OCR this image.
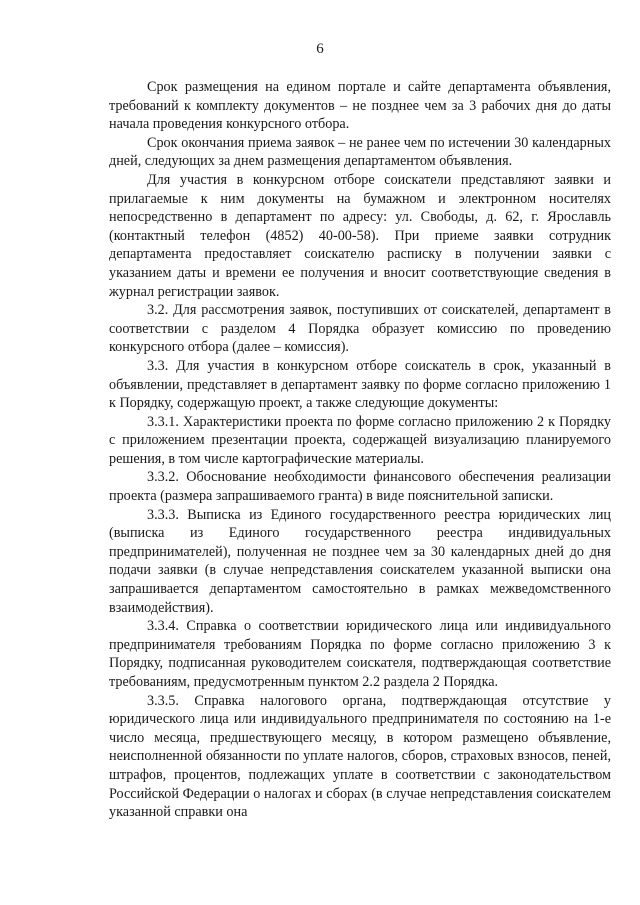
6

Срок размещения на едином портале и сайте департамента объявления, требований к комплекту документов – не позднее чем за 3 рабочих дня до даты начала проведения конкурсного отбора.

Срок окончания приема заявок – не ранее чем по истечении 30 календарных дней, следующих за днем размещения департаментом объявления.

Для участия в конкурсном отборе соискатели представляют заявки и прилагаемые к ним документы на бумажном и электронном носителях непосредственно в департамент по адресу: ул. Свободы, д. 62, г. Ярославль (контактный телефон (4852) 40-00-58). При приеме заявки сотрудник департамента предоставляет соискателю расписку в получении заявки с указанием даты и времени ее получения и вносит соответствующие сведения в журнал регистрации заявок.

3.2. Для рассмотрения заявок, поступивших от соискателей, департамент в соответствии с разделом 4 Порядка образует комиссию по проведению конкурсного отбора (далее – комиссия).

3.3. Для участия в конкурсном отборе соискатель в срок, указанный в объявлении, представляет в департамент заявку по форме согласно приложению 1 к Порядку, содержащую проект, а также следующие документы:

3.3.1. Характеристики проекта по форме согласно приложению 2 к Порядку с приложением презентации проекта, содержащей визуализацию планируемого решения, в том числе картографические материалы.

3.3.2. Обоснование необходимости финансового обеспечения реализации проекта (размера запрашиваемого гранта) в виде пояснительной записки.

3.3.3. Выписка из Единого государственного реестра юридических лиц (выписка из Единого государственного реестра индивидуальных предпринимателей), полученная не позднее чем за 30 календарных дней до дня подачи заявки (в случае непредставления соискателем указанной выписки она запрашивается департаментом самостоятельно в рамках межведомственного взаимодействия).

3.3.4. Справка о соответствии юридического лица или индивидуального предпринимателя требованиям Порядка по форме согласно приложению 3 к Порядку, подписанная руководителем соискателя, подтверждающая соответствие требованиям, предусмотренным пунктом 2.2 раздела 2 Порядка.

3.3.5. Справка налогового органа, подтверждающая отсутствие у юридического лица или индивидуального предпринимателя по состоянию на 1-е число месяца, предшествующего месяцу, в котором размещено объявление, неисполненной обязанности по уплате налогов, сборов, страховых взносов, пеней, штрафов, процентов, подлежащих уплате в соответствии с законодательством Российской Федерации о налогах и сборах (в случае непредставления соискателем указанной справки она
